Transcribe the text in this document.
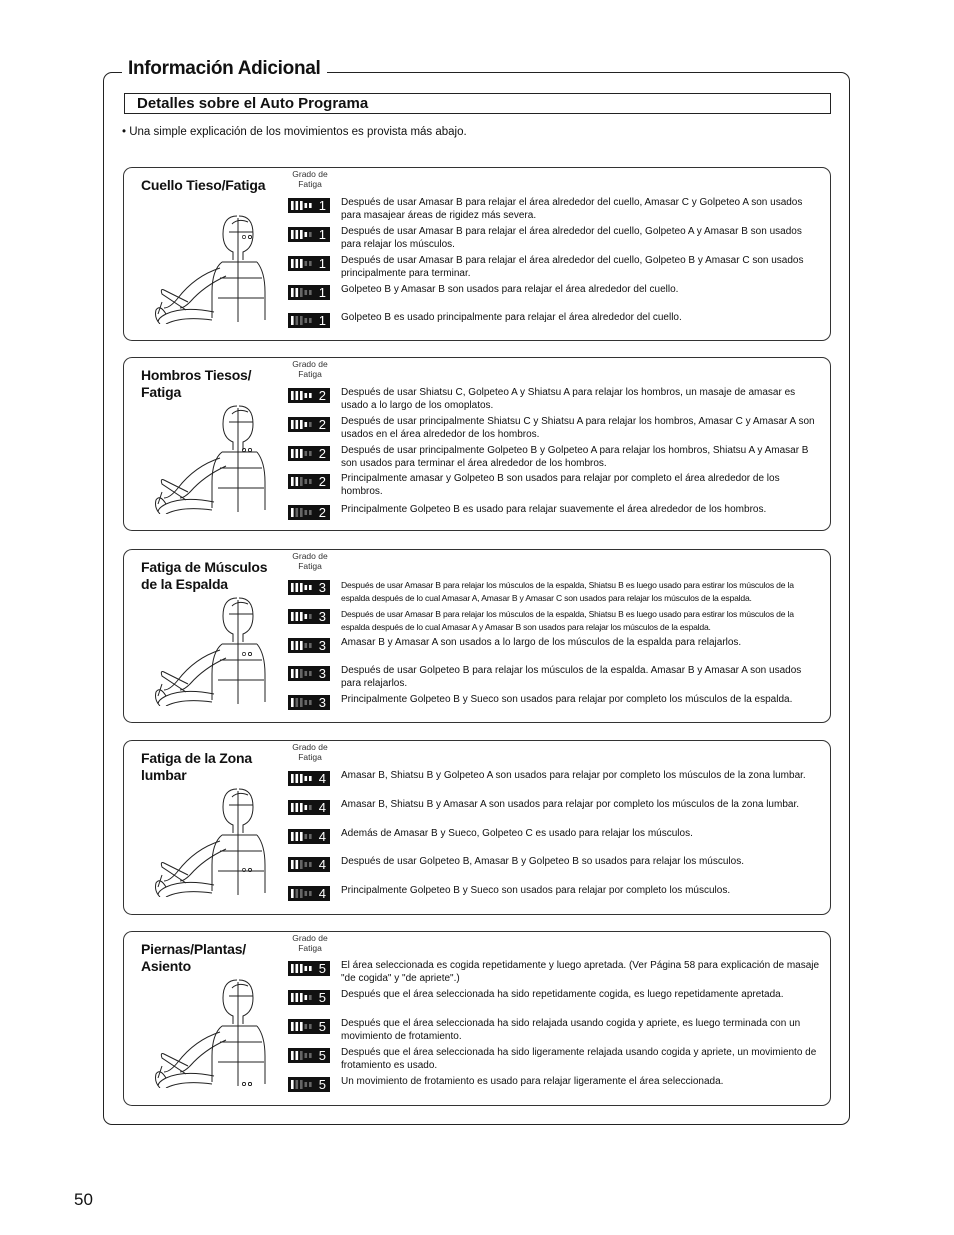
Información Adicional
Detalles sobre el Auto Programa
• Una simple explicación de los movimientos es provista más abajo.
Cuello Tieso/Fatiga
Grado de
Fatiga
1 Después de usar Amasar B para relajar el área alrededor del cuello, Amasar C y Golpeteo A son usados para masajear áreas de rigidez más severa.
1 Después de usar Amasar B para relajar el área alrededor del cuello, Golpeteo A y Amasar B son usados para relajar los músculos.
1 Después de usar Amasar B para relajar el área alrededor del cuello, Golpeteo B y Amasar C son usados principalmente para terminar.
1 Golpeteo B y Amasar B son usados para relajar el área alrededor del cuello.
1 Golpeteo B es usado principalmente para relajar el área alrededor del cuello.
Hombros Tiesos/
Fatiga
Grado de
Fatiga
2 Después de usar Shiatsu C, Golpeteo A y Shiatsu A para relajar los hombros, un masaje de amasar es usado a lo largo de los omoplatos.
2 Después de usar principalmente Shiatsu C y Shiatsu A para relajar los hombros, Amasar C y Amasar A son usados en el área alrededor de los hombros.
2 Después de usar principalmente Golpeteo B y Golpeteo A para relajar los hombros, Shiatsu A y Amasar B son usados para terminar el área alrededor de los hombros.
2 Principalmente amasar y Golpeteo B son usados para relajar por completo el área alrededor de los hombros.
2 Principalmente Golpeteo B es usado para relajar suavemente el área alrededor de los hombros.
Fatiga de Músculos
de la Espalda
Grado de
Fatiga
3 Después de usar Amasar B para relajar los músculos de la espalda, Shiatsu B es luego usado para estirar los músculos de la espalda después de lo cual Amasar A, Amasar B y Amasar C son usados para relajar los músculos de la espalda.
3 Después de usar Amasar B para relajar los músculos de la espalda, Shiatsu B es luego usado para estirar los músculos de la espalda después de lo cual Amasar A y Amasar B son usados para relajar los músculos de la espalda.
3 Amasar B y Amasar A son usados a lo largo de los músculos de la espalda para relajarlos.
3 Después de usar Golpeteo B para relajar los músculos de la espalda. Amasar B y Amasar A son usados para relajarlos.
3 Principalmente Golpeteo B y Sueco son usados para relajar por completo los músculos de la espalda.
Fatiga de la Zona
lumbar
Grado de
Fatiga
4 Amasar B, Shiatsu B y Golpeteo A son usados para relajar por completo los músculos de la zona lumbar.
4 Amasar B, Shiatsu B y Amasar A son usados para relajar por completo los músculos de la zona lumbar.
4 Además de Amasar B y Sueco, Golpeteo C es usado para relajar los músculos.
4 Después de usar Golpeteo B, Amasar B y Golpeteo B so usados para relajar los músculos.
4 Principalmente Golpeteo B y Sueco son usados para relajar por completo los músculos.
Piernas/Plantas/
Asiento
Grado de
Fatiga
5 El área seleccionada es cogida repetidamente y luego apretada. (Ver Página 58 para explicación de masaje "de cogida" y "de apriete".)
5 Después que el área seleccionada ha sido repetidamente cogida, es luego repetidamente apretada.
5 Después que el área seleccionada ha sido relajada usando cogida y apriete, es luego terminada con un movimiento de frotamiento.
5 Después que el área seleccionada ha sido ligeramente relajada usando cogida y apriete, un movimiento de frotamiento es usado.
5 Un movimiento de frotamiento es usado para relajar ligeramente el área seleccionada.
50
